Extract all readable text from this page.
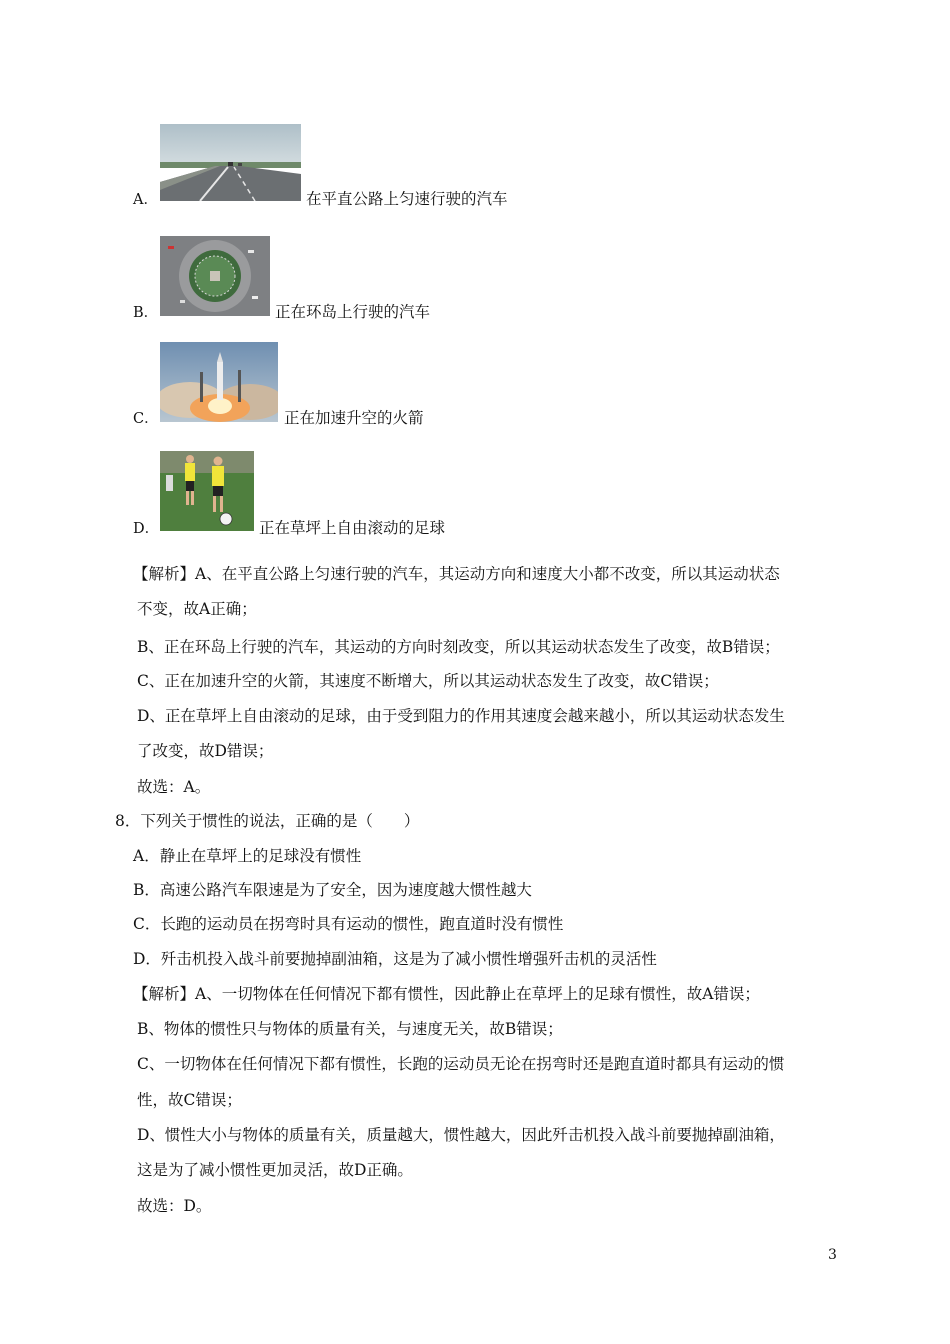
A．	在平直公路上匀速行驶的汽车
B．	正在环岛上行驶的汽车
C．	正在加速升空的火箭
D．	正在草坪上自由滚动的足球
【解析】A、在平直公路上匀速行驶的汽车，其运动方向和速度大小都不改变，所以其运动状态
不变，故A正确；
B、正在环岛上行驶的汽车，其运动的方向时刻改变，所以其运动状态发生了改变，故B错误；
C、正在加速升空的火箭，其速度不断增大，所以其运动状态发生了改变，故C错误；
D、正在草坪上自由滚动的足球，由于受到阻力的作用其速度会越来越小，所以其运动状态发生
了改变，故D错误；
故选：A。
8．下列关于惯性的说法，正确的是（　　）
A．静止在草坪上的足球没有惯性
B．高速公路汽车限速是为了安全，因为速度越大惯性越大
C．长跑的运动员在拐弯时具有运动的惯性，跑直道时没有惯性
D．歼击机投入战斗前要抛掉副油箱，这是为了减小惯性增强歼击机的灵活性
【解析】A、一切物体在任何情况下都有惯性，因此静止在草坪上的足球有惯性，故A错误；
B、物体的惯性只与物体的质量有关，与速度无关，故B错误；
C、一切物体在任何情况下都有惯性，长跑的运动员无论在拐弯时还是跑直道时都具有运动的惯
性，故C错误；
D、惯性大小与物体的质量有关，质量越大，惯性越大，因此歼击机投入战斗前要抛掉副油箱，
这是为了减小惯性更加灵活，故D正确。
故选：D。
3
